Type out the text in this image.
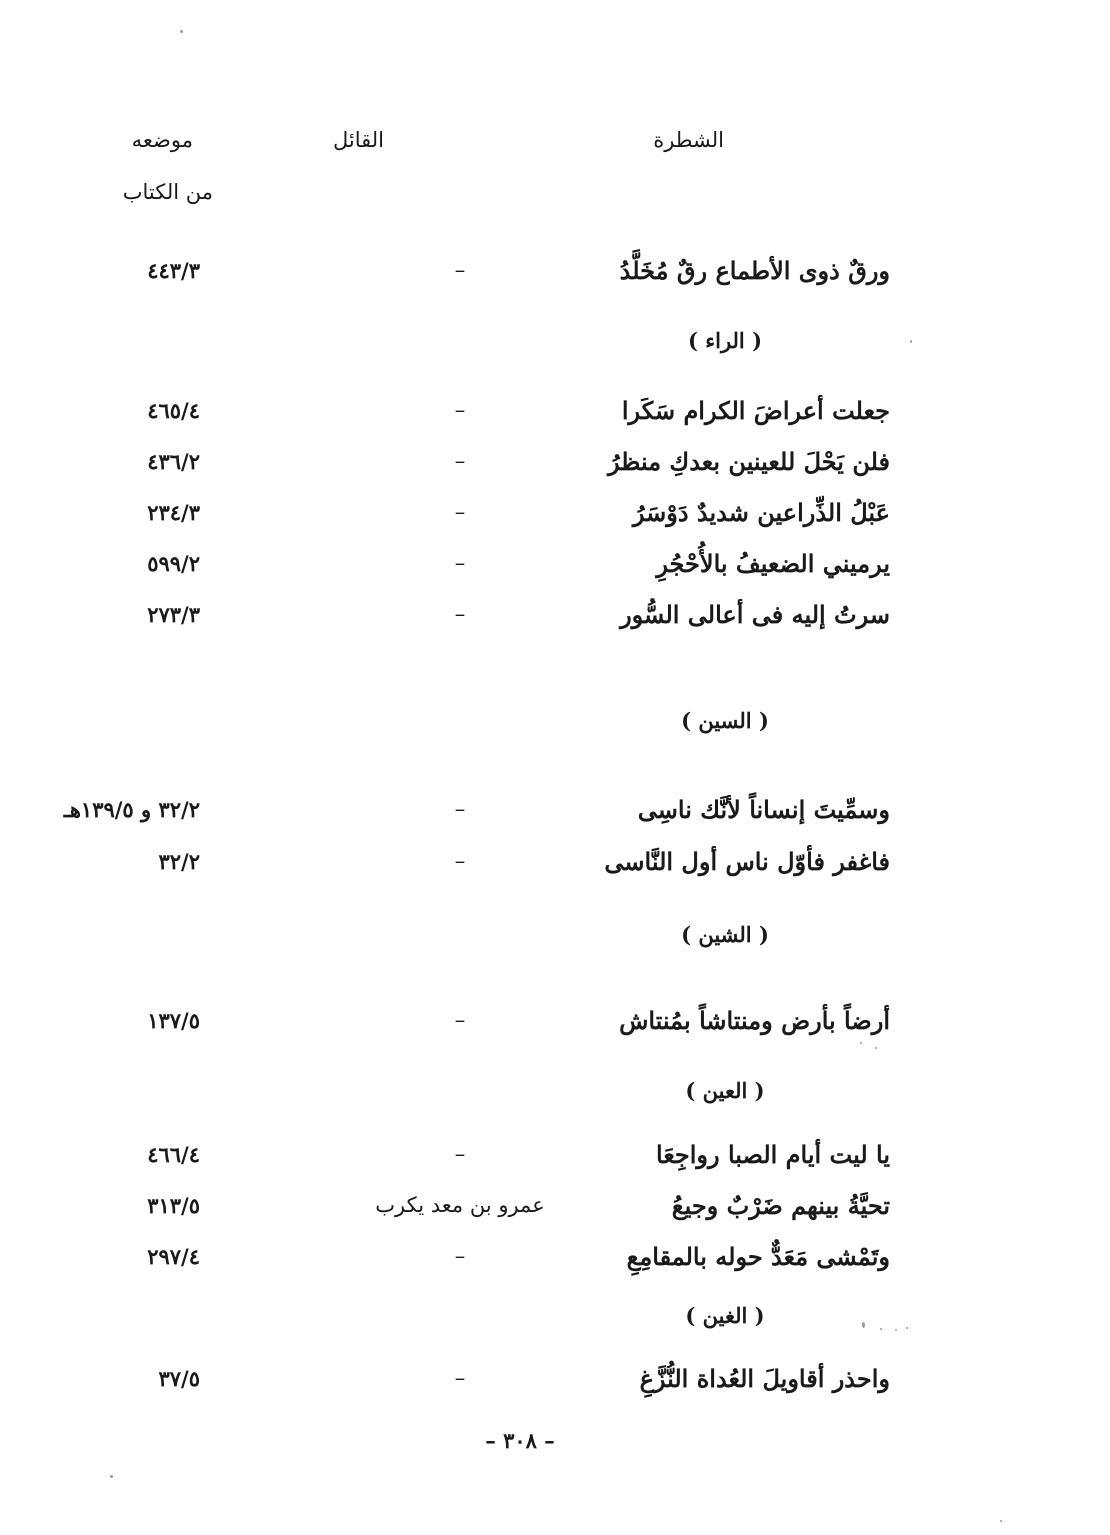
الشطرة
القائل
موضعه
من الكتاب
ورقٌ ذوى الأطماع رقٌ مُخَلَّدُ
–
٤٤٣/٣
( الراء )
جعلت أعراضَ الكرام سَكَرا
–
٤٦٥/٤
فلن يَحْلَ للعينين بعدكِ منظرُ
–
٤٣٦/٢
عَبْلُ الذِّراعين شديدٌ دَوْسَرُ
–
٢٣٤/٣
يرميني الضعيفُ بالأُحْجُرِ
–
٥٩٩/٢
سرتُ إليه فى أعالى السُّور
–
٢٧٣/٣
( السين )
وسمِّيتَ إنساناً لأنَّك ناسِى
–
٣٢/٢ و ١٣٩/٥هـ
فاغفر فأوّل ناس أول النَّاسى
–
٣٢/٢
( الشين )
أرضاً بأرض ومنتاشاً بمُنتاش
–
١٣٧/٥
( العين )
يا ليت أيام الصبا رواجِعَا
–
٤٦٦/٤
تحيَّةُ بينهم ضَرْبٌ وجيعُ
عمرو بن معد يكرب
٣١٣/٥
وتَمْشى مَعَدٌّ حوله بالمقامِعِ
–
٢٩٧/٤
( الغين )
واحذر أقاويلَ العُداة النُّزَّغِ
–
٣٧/٥
– ٣٠٨ –
